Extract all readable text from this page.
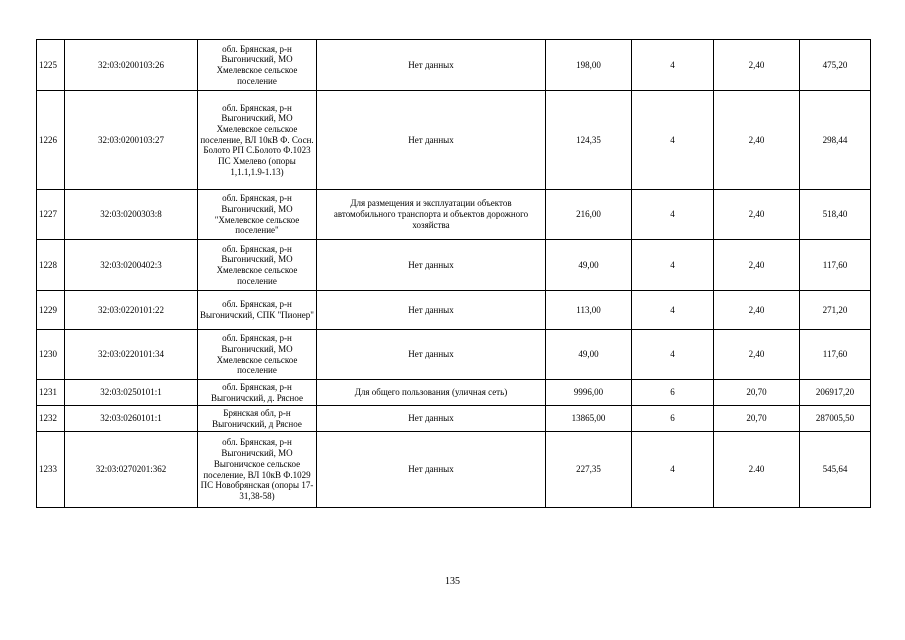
1225	32:03:0200103:26	обл. Брянская, р-н Выгоничский, МО Хмелевское сельское поселение	Нет данных	198,00	4	2,40	475,20
1226	32:03:0200103:27	обл. Брянская, р-н Выгоничский, МО Хмелевское сельское поселение, ВЛ 10кВ Ф. Сосн. Болото РП С.Болото Ф.1023 ПС Хмелево (опоры 1,1.1,1.9-1.13)	Нет данных	124,35	4	2,40	298,44
1227	32:03:0200303:8	обл. Брянская, р-н Выгоничский, МО "Хмелевское сельское поселение"	Для размещения и эксплуатации объектов автомобильного транспорта и объектов дорожного хозяйства	216,00	4	2,40	518,40
1228	32:03:0200402:3	обл. Брянская, р-н Выгоничский, МО Хмелевское сельское поселение	Нет данных	49,00	4	2,40	117,60
1229	32:03:0220101:22	обл. Брянская, р-н Выгоничский, СПК "Пионер"	Нет данных	113,00	4	2,40	271,20
1230	32:03:0220101:34	обл. Брянская, р-н Выгоничский, МО Хмелевское сельское поселение	Нет данных	49,00	4	2,40	117,60
1231	32:03:0250101:1	обл. Брянская, р-н Выгоничский, д. Рясное	Для общего пользования (уличная сеть)	9996,00	6	20,70	206917,20
1232	32:03:0260101:1	Брянская обл, р-н Выгоничский, д Рясное	Нет данных	13865,00	6	20,70	287005,50
1233	32:03:0270201:362	обл. Брянская, р-н Выгоничский, МО Выгоничское сельское поселение, ВЛ 10кВ Ф.1029 ПС Новобрянская (опоры 17-31,38-58)	Нет данных	227,35	4	2.40	545,64
135
